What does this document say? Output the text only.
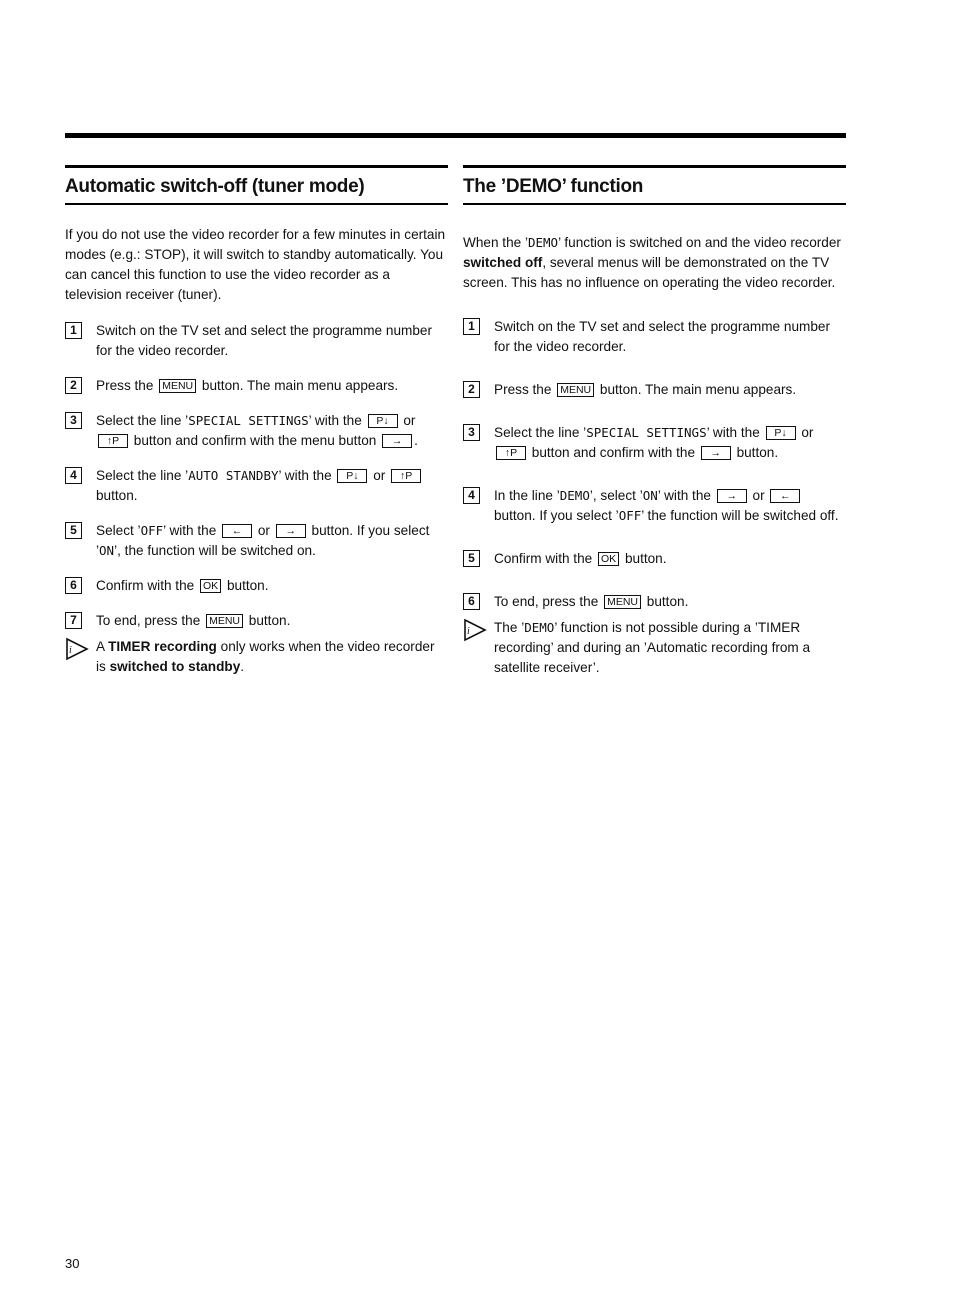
Automatic switch-off (tuner mode)

If you do not use the video recorder for a few minutes in certain modes (e.g.: STOP), it will switch to standby automatically. You can cancel this function to use the video recorder as a television receiver (tuner).

1	Switch on the TV set and select the programme number for the video recorder.
2	Press the MENU button. The main menu appears.
3	Select the line ’SPECIAL SETTINGS’ with the P↓ or ↑P button and confirm with the menu button → .
4	Select the line ’AUTO STANDBY’ with the P↓ or ↑P button.
5	Select ’OFF’ with the ← or → button. If you select ’ON’, the function will be switched on.
6	Confirm with the OK button.
7	To end, press the MENU button.
i A TIMER recording only works when the video recorder is switched to standby.
The ’DEMO’ function

When the ’DEMO’ function is switched on and the video recorder switched off, several menus will be demonstrated on the TV screen. This has no influence on operating the video recorder.

1	Switch on the TV set and select the programme number for the video recorder.
2	Press the MENU button. The main menu appears.
3	Select the line ’SPECIAL SETTINGS’ with the P↓ or ↑P button and confirm with the → button.
4	In the line ’DEMO’, select ’ON’ with the → or ← button. If you select ’OFF’ the function will be switched off.
5	Confirm with the OK button.
6	To end, press the MENU button.
i The ’DEMO’ function is not possible during a ’TIMER recording’ and during an ’Automatic recording from a satellite receiver’.
30
